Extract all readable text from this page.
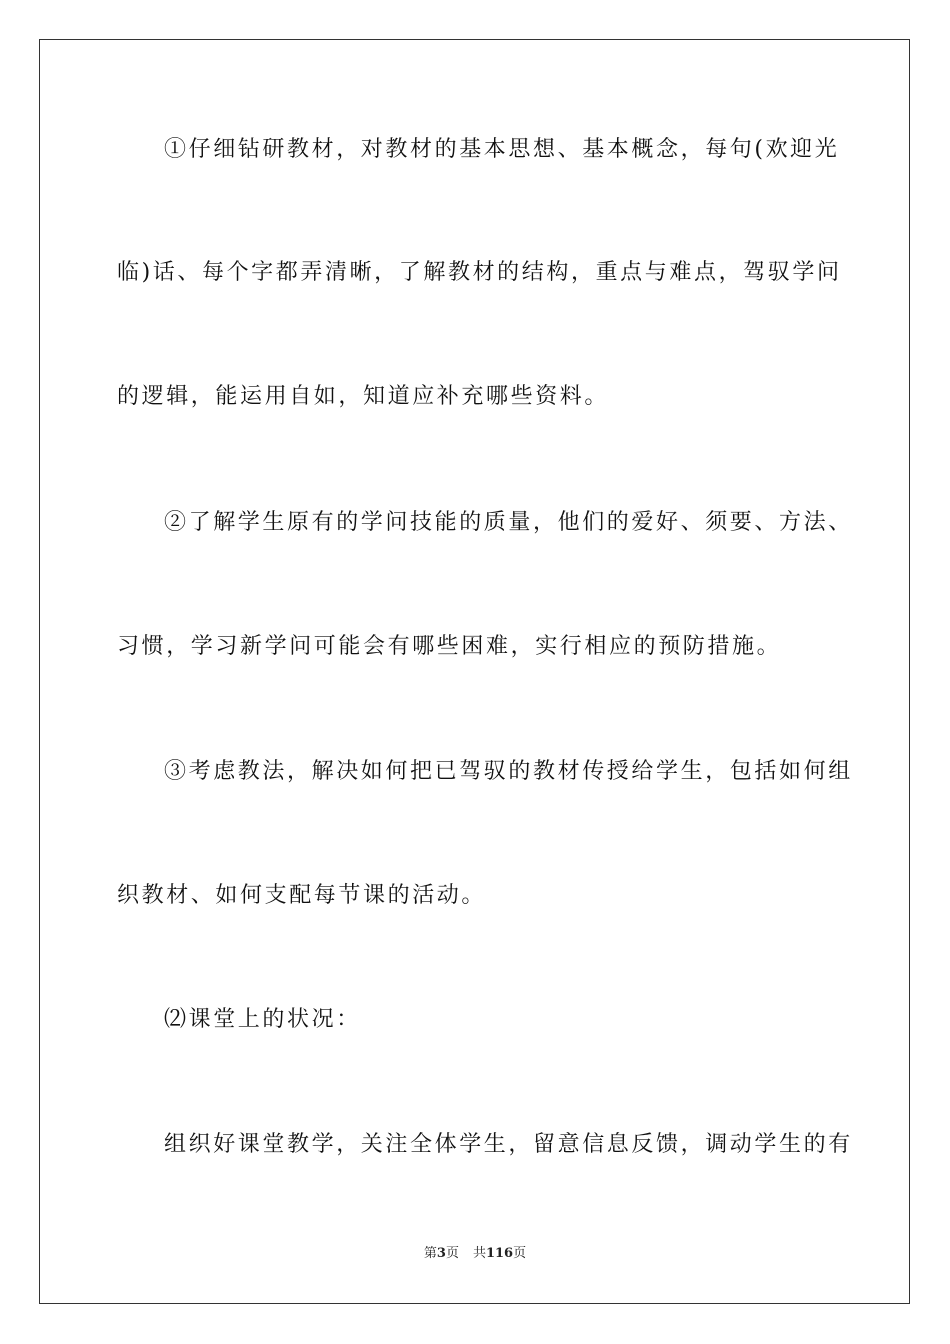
①仔细钻研教材，对教材的基本思想、基本概念，每句(欢迎光
临)话、每个字都弄清晰，了解教材的结构，重点与难点，驾驭学问
的逻辑，能运用自如，知道应补充哪些资料。
②了解学生原有的学问技能的质量，他们的爱好、须要、方法、
习惯，学习新学问可能会有哪些困难，实行相应的预防措施。
③考虑教法，解决如何把已驾驭的教材传授给学生，包括如何组
织教材、如何支配每节课的活动。
⑵课堂上的状况：
组织好课堂教学，关注全体学生，留意信息反馈，调动学生的有
第3页 共116页
